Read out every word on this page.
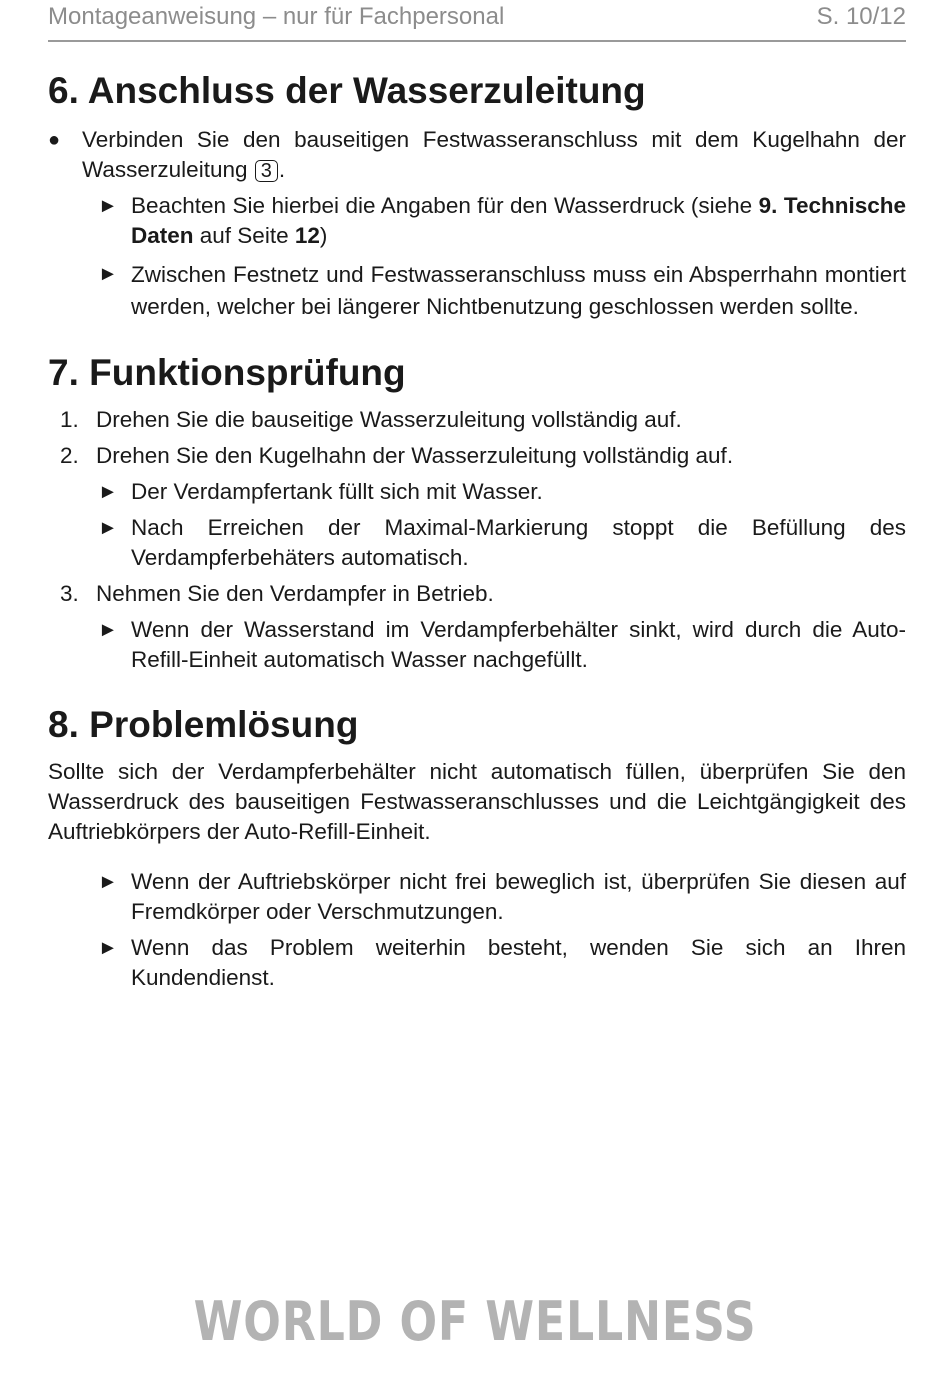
Montageanweisung – nur für Fachpersonal	S. 10/12
6. Anschluss der Wasserzuleitung
● Verbinden Sie den bauseitigen Festwasseranschluss mit dem Kugelhahn der Wasserzuleitung 3 .
► Beachten Sie hierbei die Angaben für den Wasserdruck (siehe 9. Technische Daten auf Seite 12)
► Zwischen Festnetz und Festwasseranschluss muss ein Absperrhahn montiert werden, welcher bei längerer Nichtbenutzung geschlossen werden sollte.
7. Funktionsprüfung
1. Drehen Sie die bauseitige Wasserzuleitung vollständig auf.
2. Drehen Sie den Kugelhahn der Wasserzuleitung vollständig auf.
► Der Verdampfertank füllt sich mit Wasser.
► Nach Erreichen der Maximal-Markierung stoppt die Befüllung des Verdampferbehäters automatisch.
3. Nehmen Sie den Verdampfer in Betrieb.
► Wenn der Wasserstand im Verdampferbehälter sinkt, wird durch die Auto-Refill-Einheit automatisch Wasser nachgefüllt.
8. Problemlösung
Sollte sich der Verdampferbehälter nicht automatisch füllen, überprüfen Sie den Wasserdruck des bauseitigen Festwasseranschlusses und die Leichtgängigkeit des Auftriebkörpers der Auto-Refill-Einheit.
► Wenn der Auftriebskörper nicht frei beweglich ist, überprüfen Sie diesen auf Fremdkörper oder Verschmutzungen.
► Wenn das Problem weiterhin besteht, wenden Sie sich an Ihren Kundendienst.
WORLD OF WELLNESS
